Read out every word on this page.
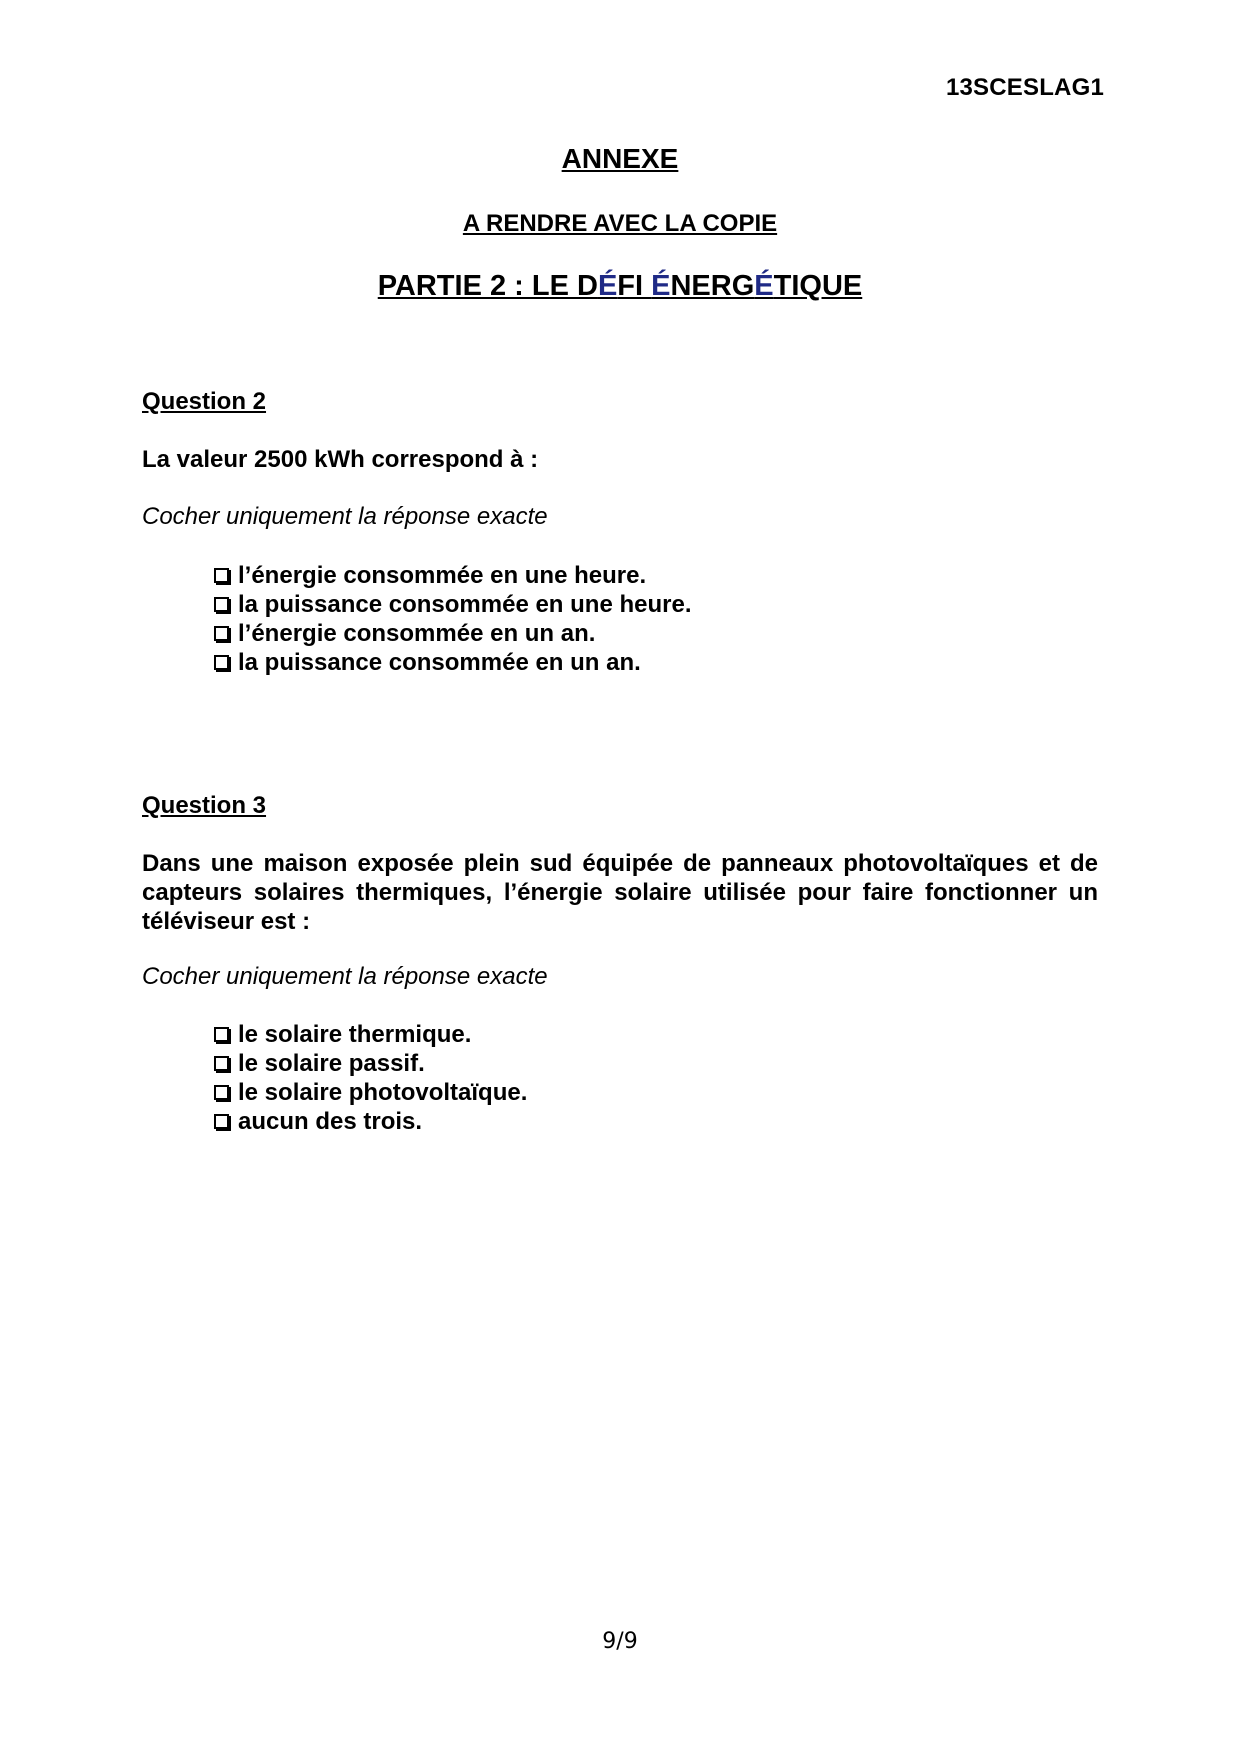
13SCESLAG1
ANNEXE
A RENDRE AVEC LA COPIE
PARTIE 2 : LE DÉFI ÉNERGÉTIQUE
Question 2
La valeur 2500 kWh correspond à :
Cocher uniquement la réponse exacte
l’énergie consommée en une heure.
la puissance consommée en une heure.
l’énergie consommée en un an.
la puissance consommée en un an.
Question 3
Dans une maison exposée plein sud équipée de panneaux photovoltaïques et de capteurs solaires thermiques, l’énergie solaire utilisée pour faire fonctionner un téléviseur est :
Cocher uniquement la réponse exacte
le solaire thermique.
le solaire passif.
le solaire photovoltaïque.
aucun des trois.
9/9
